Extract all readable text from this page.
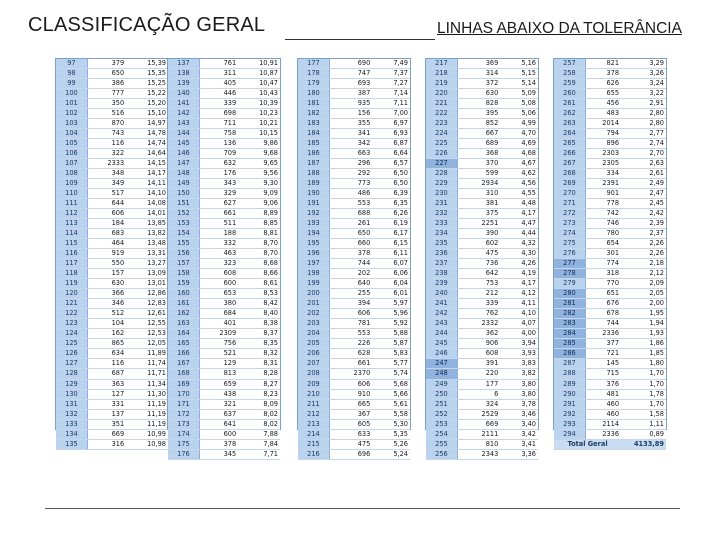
CLASSIFICAÇÃO GERAL	LINHAS ABAIXO DA TOLERÂNCIA
97	379	15,39
98	650	15,35
99	386	15,25
100	777	15,22
101	350	15,20
102	516	15,10
103	870	14,97
104	743	14,78
105	116	14,74
106	322	14,64
107	2333	14,15
108	348	14,17
109	349	14,11
110	517	14,10
111	644	14,08
112	606	14,01
113	184	13,85
114	683	13,82
115	464	13,48
116	919	13,31
117	550	13,27
118	157	13,09
119	630	13,01
120	366	12,86
121	346	12,83
122	512	12,61
123	104	12,55
124	162	12,53
125	865	12,05
126	634	11,89
127	116	11,74
128	687	11,71
129	363	11,34
130	127	11,30
131	331	11,19
132	137	11,19
133	351	11,19
134	669	10,99
135	316	10,98
137	761	10,91
138	311	10,87
139	405	10,47
140	446	10,43
141	339	10,39
142	698	10,23
143	711	10,21
144	758	10,15
145	136	9,86
146	709	9,68
147	632	9,65
148	176	9,56
149	343	9,30
150	329	9,09
151	627	9,06
152	661	8,89
153	511	8,85
154	188	8,81
155	332	8,70
156	463	8,70
157	323	8,68
158	608	8,66
159	600	8,61
160	653	8,53
161	380	8,42
162	684	8,40
163	401	8,38
164	2309	8,37
165	756	8,35
166	521	8,32
167	129	8,31
168	813	8,28
169	659	8,27
170	438	8,23
171	321	8,09
172	637	8,02
173	641	8,02
174	600	7,88
175	378	7,84
176	345	7,71
177	690	7,49
178	747	7,37
179	693	7,27
180	387	7,14
181	935	7,11
182	156	7,00
183	355	6,97
184	341	6,93
185	342	6,87
186	663	6,64
187	296	6,57
188	292	6,50
189	773	6,50
190	486	6,39
191	553	6,35
192	688	6,26
193	261	6,19
194	650	6,17
195	660	6,15
196	378	6,11
197	744	6,07
198	202	6,06
199	640	6,04
200	255	6,01
201	394	5,97
202	606	5,96
203	781	5,92
204	553	5,88
205	226	5,87
206	628	5,83
207	661	5,77
208	2370	5,74
209	606	5,68
210	910	5,66
211	665	5,61
212	367	5,58
213	605	5,30
214	633	5,35
215	475	5,26
216	696	5,24
217	369	5,16
218	314	5,15
219	372	5,14
220	630	5,09
221	828	5,08
222	395	5,06
223	852	4,99
224	667	4,70
225	689	4,69
226	368	4,68
227	370	4,67
228	599	4,62
229	2934	4,56
230	310	4,55
231	381	4,48
232	375	4,17
233	2251	4,47
234	390	4,44
235	602	4,32
236	475	4,30
237	736	4,26
238	642	4,19
239	753	4,17
240	212	4,12
241	339	4,11
242	762	4,10
243	2332	4,07
244	362	4,00
245	906	3,94
246	608	3,93
247	391	3,83
248	220	3,82
249	177	3,80
250	6	3,80
251	324	3,78
252	2529	3,46
253	669	3,40
254	2111	3,42
255	810	3,41
256	2343	3,36
257	821	3,29
258	378	3,26
259	626	3,24
260	655	3,22
261	456	2,91
262	483	2,80
263	2014	2,80
264	794	2,77
265	896	2,74
266	2303	2,70
267	2305	2,63
268	334	2,61
269	2391	2,49
270	901	2,47
271	778	2,45
272	742	2,42
273	746	2,39
274	780	2,37
275	654	2,26
276	301	2,26
277	774	2,18
278	318	2,12
279	770	2,09
280	651	2,05
281	676	2,00
282	678	1,95
283	744	1,94
284	2336	1,93
285	377	1,86
286	721	1,85
287	145	1,80
288	715	1,70
289	376	1,70
290	481	1,78
291	460	1,70
292	460	1,58
293	2114	1,11
294	2336	0,89
Total Geral		4133,89
